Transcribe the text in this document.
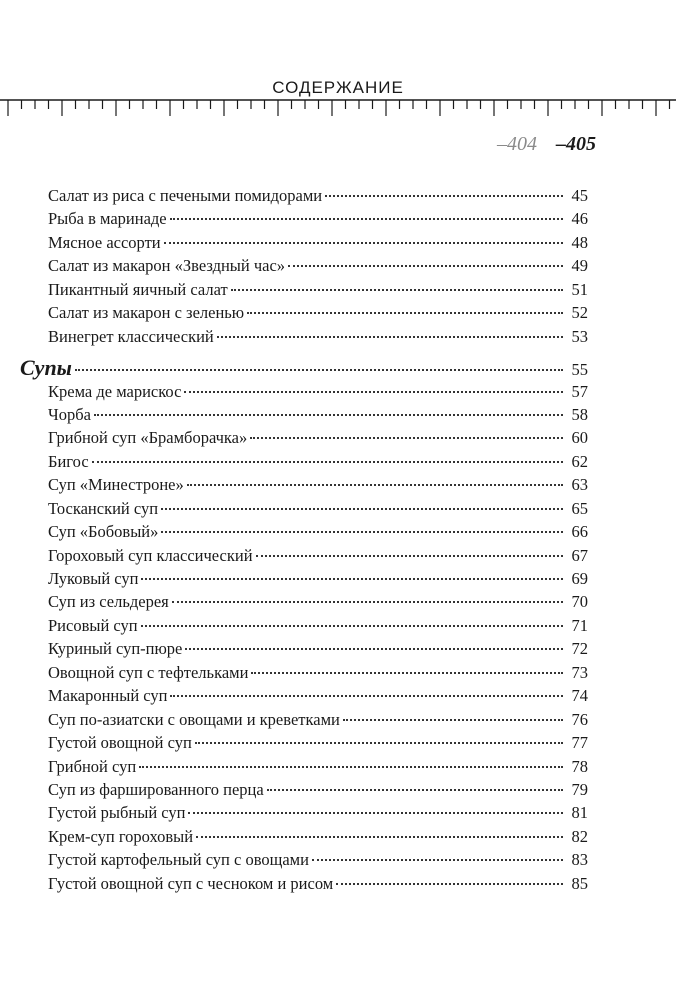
СОДЕРЖАНИЕ
–404 –405
Салат из риса с печеными помидорами	45
Рыба в маринаде	46
Мясное ассорти	48
Салат из макарон «Звездный час»	49
Пикантный яичный салат	51
Салат из макарон с зеленью	52
Винегрет классический	53
Супы	55
Крема де марискос	57
Чорба	58
Грибной суп «Брамборачка»	60
Бигос	62
Суп «Минестроне»	63
Тосканский суп	65
Суп «Бобовый»	66
Гороховый суп классический	67
Луковый суп	69
Суп из сельдерея	70
Рисовый суп	71
Куриный суп-пюре	72
Овощной суп с тефтельками	73
Макаронный суп	74
Суп по-азиатски с овощами и креветками	76
Густой овощной суп	77
Грибной суп	78
Суп из фаршированного перца	79
Густой рыбный суп	81
Крем-суп гороховый	82
Густой картофельный суп с овощами	83
Густой овощной суп с чесноком и рисом	85
